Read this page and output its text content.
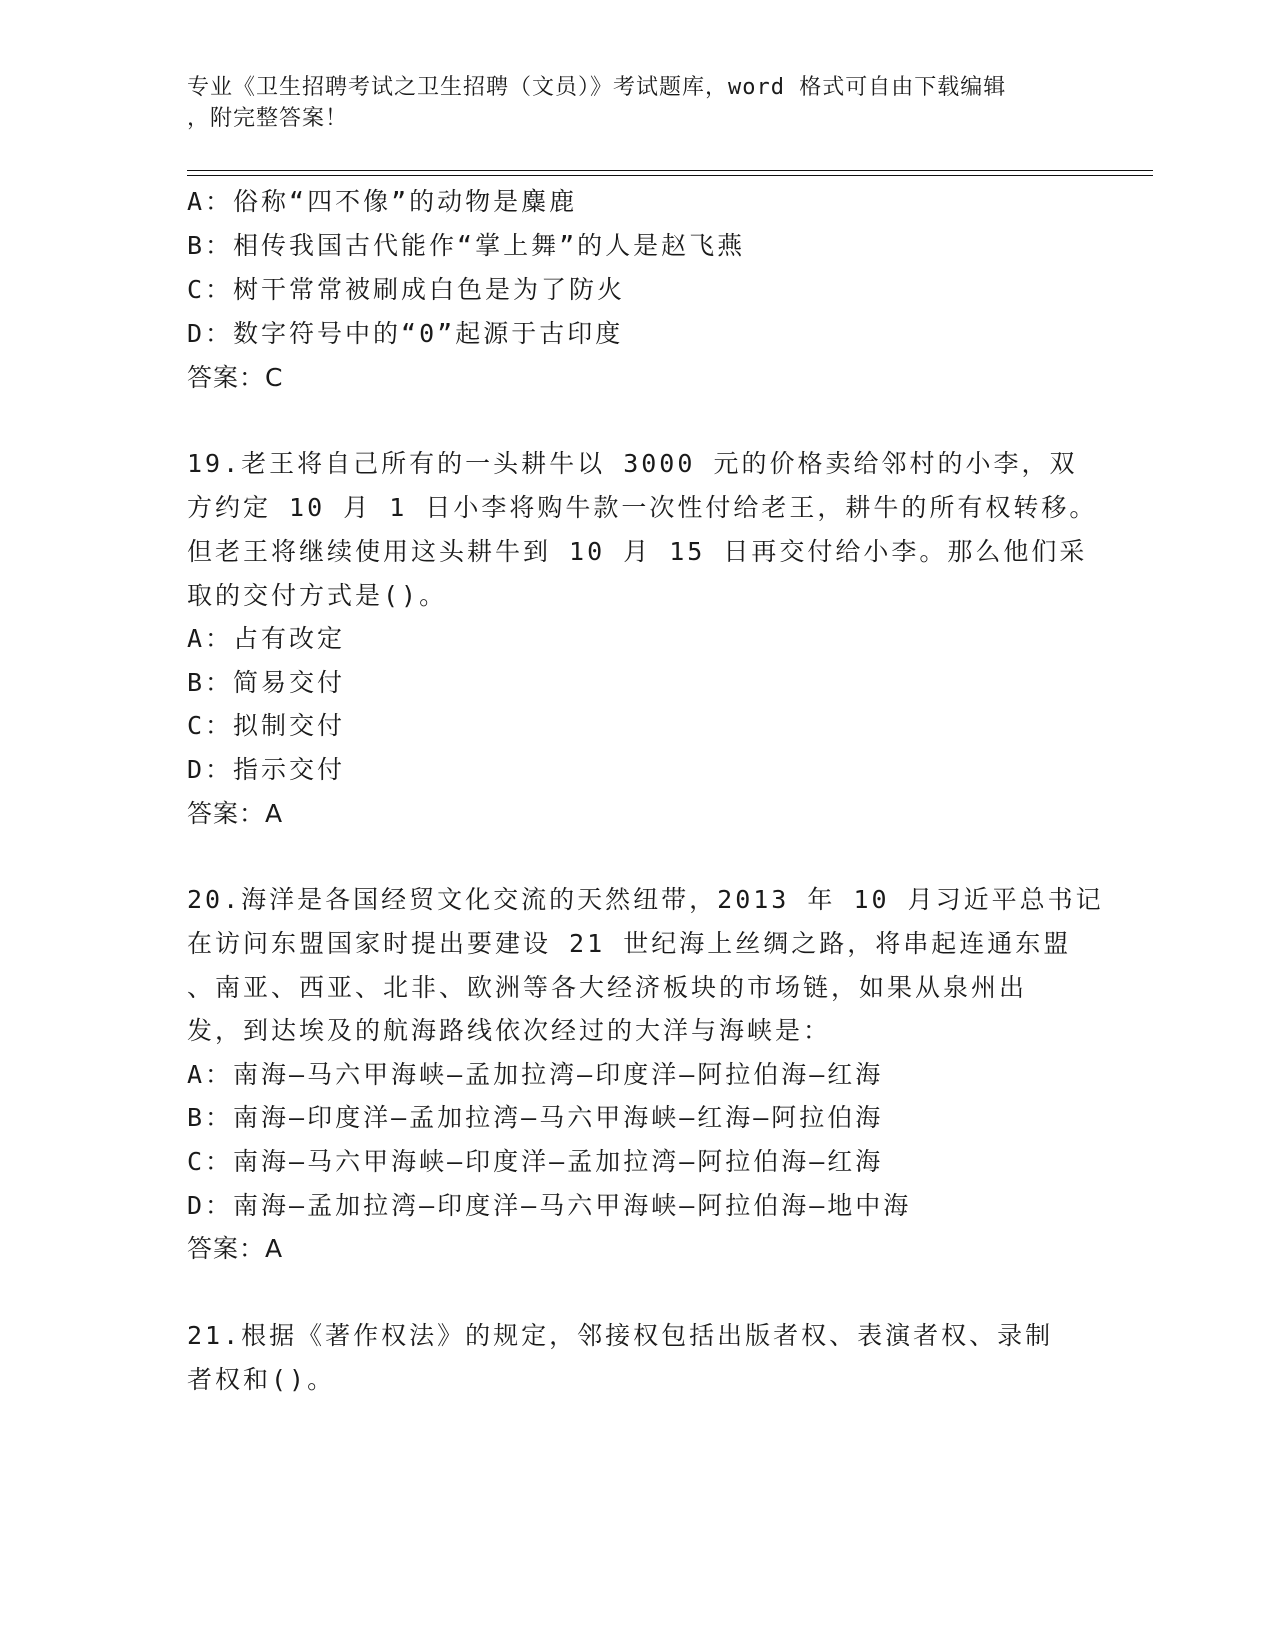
专业《卫生招聘考试之卫生招聘（文员）》考试题库，word 格式可自由下载编辑
，附完整答案！
A：俗称“四不像”的动物是麋鹿
B：相传我国古代能作“掌上舞”的人是赵飞燕
C：树干常常被刷成白色是为了防火
D：数字符号中的“0”起源于古印度
答案：C
19.老王将自己所有的一头耕牛以 3000 元的价格卖给邻村的小李，双
方约定 10 月 1 日小李将购牛款一次性付给老王，耕牛的所有权转移。
但老王将继续使用这头耕牛到 10 月 15 日再交付给小李。那么他们采
取的交付方式是()。
A：占有改定
B：简易交付
C：拟制交付
D：指示交付
答案：A
20.海洋是各国经贸文化交流的天然纽带，2013 年 10 月习近平总书记
在访问东盟国家时提出要建设 21 世纪海上丝绸之路，将串起连通东盟
、南亚、西亚、北非、欧洲等各大经济板块的市场链，如果从泉州出
发，到达埃及的航海路线依次经过的大洋与海峡是：
A：南海—马六甲海峡—孟加拉湾—印度洋—阿拉伯海—红海
B：南海—印度洋—孟加拉湾—马六甲海峡—红海—阿拉伯海
C：南海—马六甲海峡—印度洋—孟加拉湾—阿拉伯海—红海
D：南海—孟加拉湾—印度洋—马六甲海峡—阿拉伯海—地中海
答案：A
21.根据《著作权法》的规定，邻接权包括出版者权、表演者权、录制
者权和()。
